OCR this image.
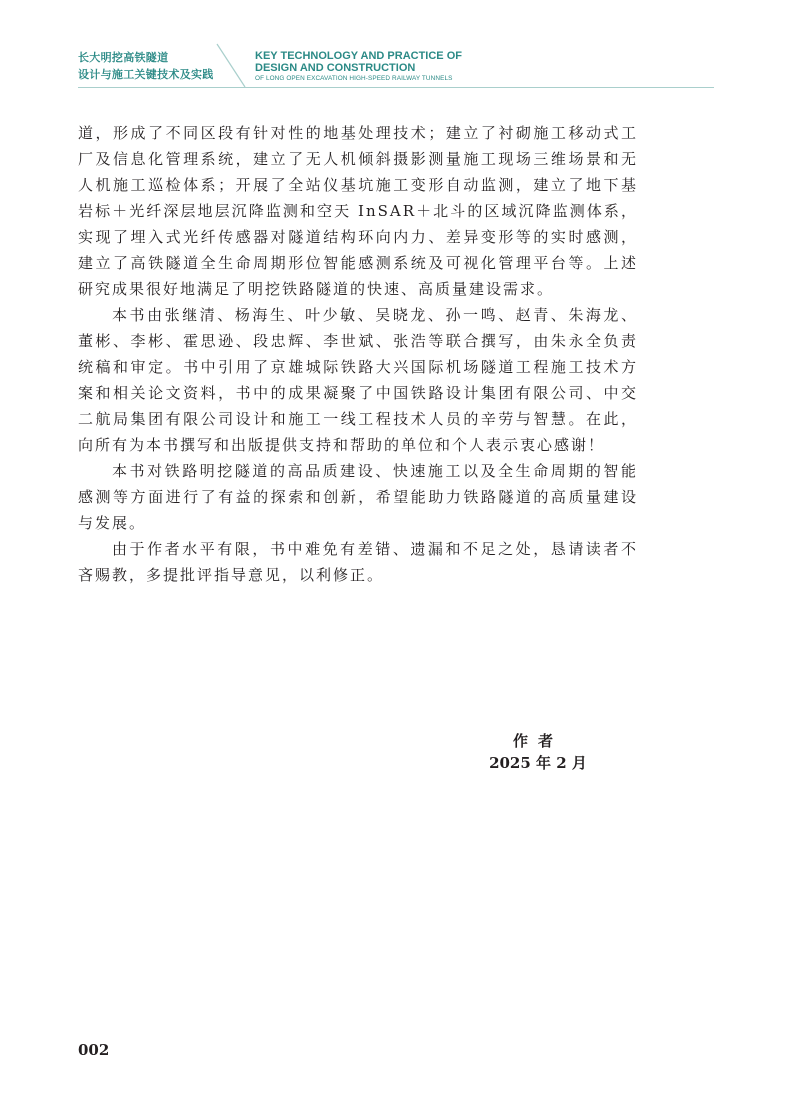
长大明挖高铁隧道
设计与施工关键技术及实践
KEY TECHNOLOGY AND PRACTICE OF
DESIGN AND CONSTRUCTION
OF LONG OPEN EXCAVATION HIGH-SPEED RAILWAY TUNNELS

道，形成了不同区段有针对性的地基处理技术；建立了衬砌施工移动式工厂及信息化管理系统，建立了无人机倾斜摄影测量施工现场三维场景和无人机施工巡检体系；开展了全站仪基坑施工变形自动监测，建立了地下基岩标＋光纤深层地层沉降监测和空天 InSAR＋北斗的区域沉降监测体系，实现了埋入式光纤传感器对隧道结构环向内力、差异变形等的实时感测，建立了高铁隧道全生命周期形位智能感测系统及可视化管理平台等。上述研究成果很好地满足了明挖铁路隧道的快速、高质量建设需求。

本书由张继清、杨海生、叶少敏、吴晓龙、孙一鸣、赵青、朱海龙、董彬、李彬、霍思逊、段忠辉、李世斌、张浩等联合撰写，由朱永全负责统稿和审定。书中引用了京雄城际铁路大兴国际机场隧道工程施工技术方案和相关论文资料，书中的成果凝聚了中国铁路设计集团有限公司、中交二航局集团有限公司设计和施工一线工程技术人员的辛劳与智慧。在此，向所有为本书撰写和出版提供支持和帮助的单位和个人表示衷心感谢！

本书对铁路明挖隧道的高品质建设、快速施工以及全生命周期的智能感测等方面进行了有益的探索和创新，希望能助力铁路隧道的高质量建设与发展。

由于作者水平有限，书中难免有差错、遗漏和不足之处，恳请读者不吝赐教，多提批评指导意见，以利修正。

作者
2025 年 2 月
002
